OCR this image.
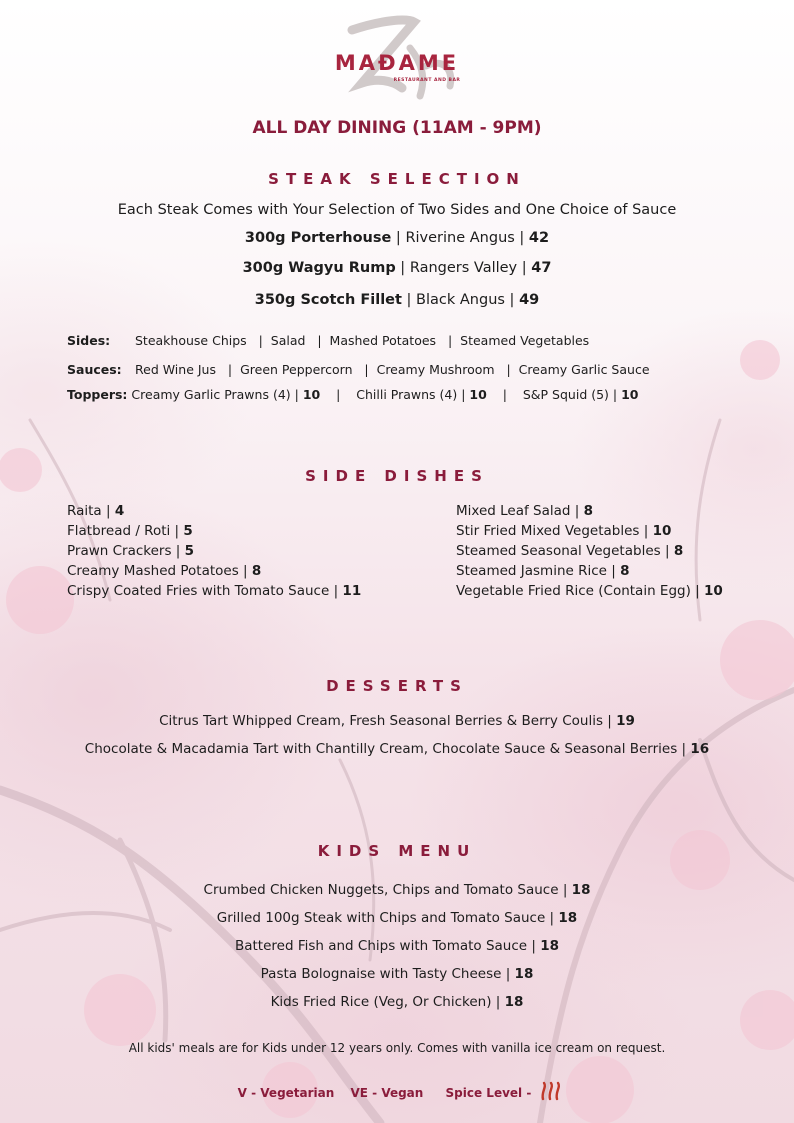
MAĐAME
RESTAURANT AND BAR
ALL DAY DINING (11AM - 9PM)
STEAK SELECTION
Each Steak Comes with Your Selection of Two Sides and One Choice of Sauce
300g Porterhouse | Riverine Angus | 42
300g Wagyu Rump | Rangers Valley | 47
350g Scotch Fillet | Black Angus | 49
Sides: Steakhouse Chips   |  Salad   |  Mashed Potatoes   |  Steamed Vegetables
Sauces: Red Wine Jus   |  Green Peppercorn   |  Creamy Mushroom   |  Creamy Garlic Sauce
Toppers: Creamy Garlic Prawns (4) | 10    |    Chilli Prawns (4) | 10    |    S&P Squid (5) | 10
SIDE DISHES
Raita | 4
Flatbread / Roti | 5
Prawn Crackers | 5
Creamy Mashed Potatoes | 8
Crispy Coated Fries with Tomato Sauce | 11
Mixed Leaf Salad | 8
Stir Fried Mixed Vegetables | 10
Steamed Seasonal Vegetables | 8
Steamed Jasmine Rice | 8
Vegetable Fried Rice (Contain Egg) | 10
DESSERTS
Citrus Tart Whipped Cream, Fresh Seasonal Berries & Berry Coulis | 19
Chocolate & Macadamia Tart with Chantilly Cream, Chocolate Sauce & Seasonal Berries | 16
KIDS MENU
Crumbed Chicken Nuggets, Chips and Tomato Sauce | 18
Grilled 100g Steak with Chips and Tomato Sauce | 18
Battered Fish and Chips with Tomato Sauce | 18
Pasta Bolognaise with Tasty Cheese | 18
Kids Fried Rice (Veg, Or Chicken) | 18
All kids' meals are for Kids under 12 years only. Comes with vanilla ice cream on request.
V - Vegetarian VE - Vegan Spice Level -
